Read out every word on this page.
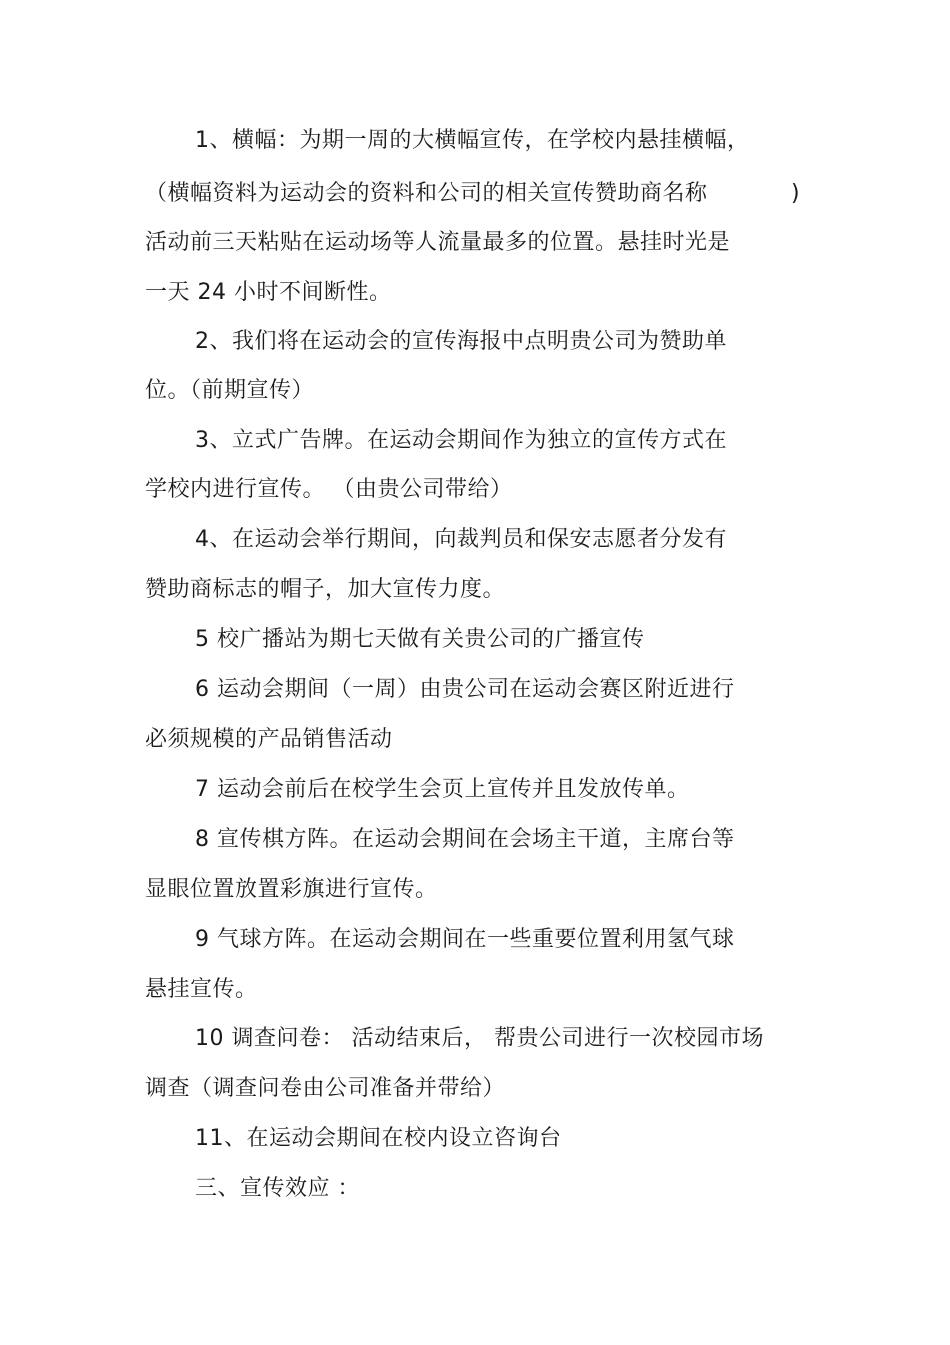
1、横幅：为期一周的大横幅宣传，在学校内悬挂横幅，
（横幅资料为运动会的资料和公司的相关宣传赞助商名称	)
活动前三天粘贴在运动场等人流量最多的位置。悬挂时光是
一天 24 小时不间断性。
2、我们将在运动会的宣传海报中点明贵公司为赞助单
位。（前期宣传）
3、立式广告牌。在运动会期间作为独立的宣传方式在
学校内进行宣传。 （由贵公司带给）
4、在运动会举行期间，向裁判员和保安志愿者分发有
赞助商标志的帽子，加大宣传力度。
5 校广播站为期七天做有关贵公司的广播宣传
6 运动会期间（一周）由贵公司在运动会赛区附近进行
必须规模的产品销售活动
7 运动会前后在校学生会页上宣传并且发放传单。
8 宣传棋方阵。在运动会期间在会场主干道，主席台等
显眼位置放置彩旗进行宣传。
9 气球方阵。在运动会期间在一些重要位置利用氢气球
悬挂宣传。
10 调查问卷： 活动结束后， 帮贵公司进行一次校园市场
调查（调查问卷由公司准备并带给）
11、在运动会期间在校内设立咨询台
三、宣传效应 ：
